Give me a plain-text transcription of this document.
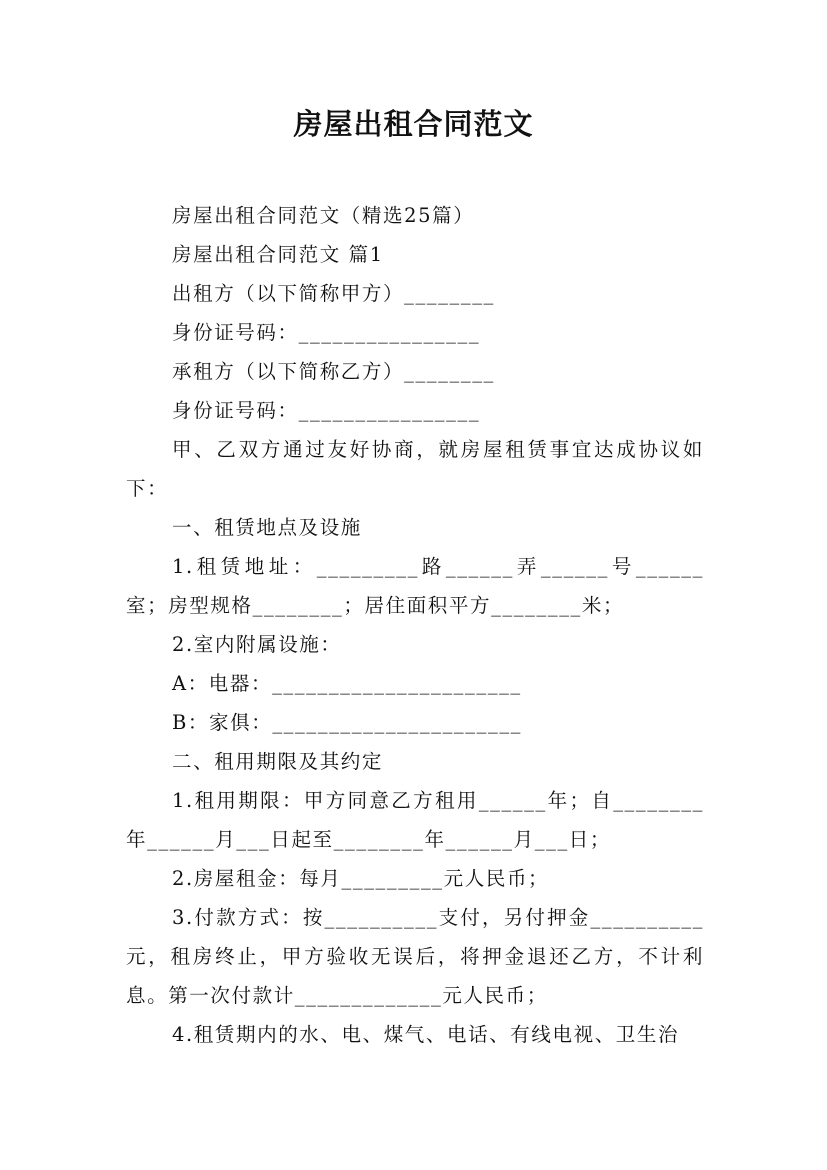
房屋出租合同范文

房屋出租合同范文（精选25篇）

房屋出租合同范文 篇1

出租方（以下简称甲方）________

身份证号码：________________

承租方（以下简称乙方）________

身份证号码：________________

甲、乙双方通过友好协商，就房屋租赁事宜达成协议如下：

一、租赁地点及设施

1.租赁地址：_________路______弄______号______室；房型规格________；居住面积平方________米；

2.室内附属设施：

A：电器：______________________

B：家俱：______________________

二、租用期限及其约定

1.租用期限：甲方同意乙方租用______年；自________年______月___日起至________年______月___日；

2.房屋租金：每月_________元人民币；

3.付款方式：按__________支付，另付押金__________元，租房终止，甲方验收无误后，将押金退还乙方，不计利息。第一次付款计_____________元人民币；

4.租赁期内的水、电、煤气、电话、有线电视、卫生治
